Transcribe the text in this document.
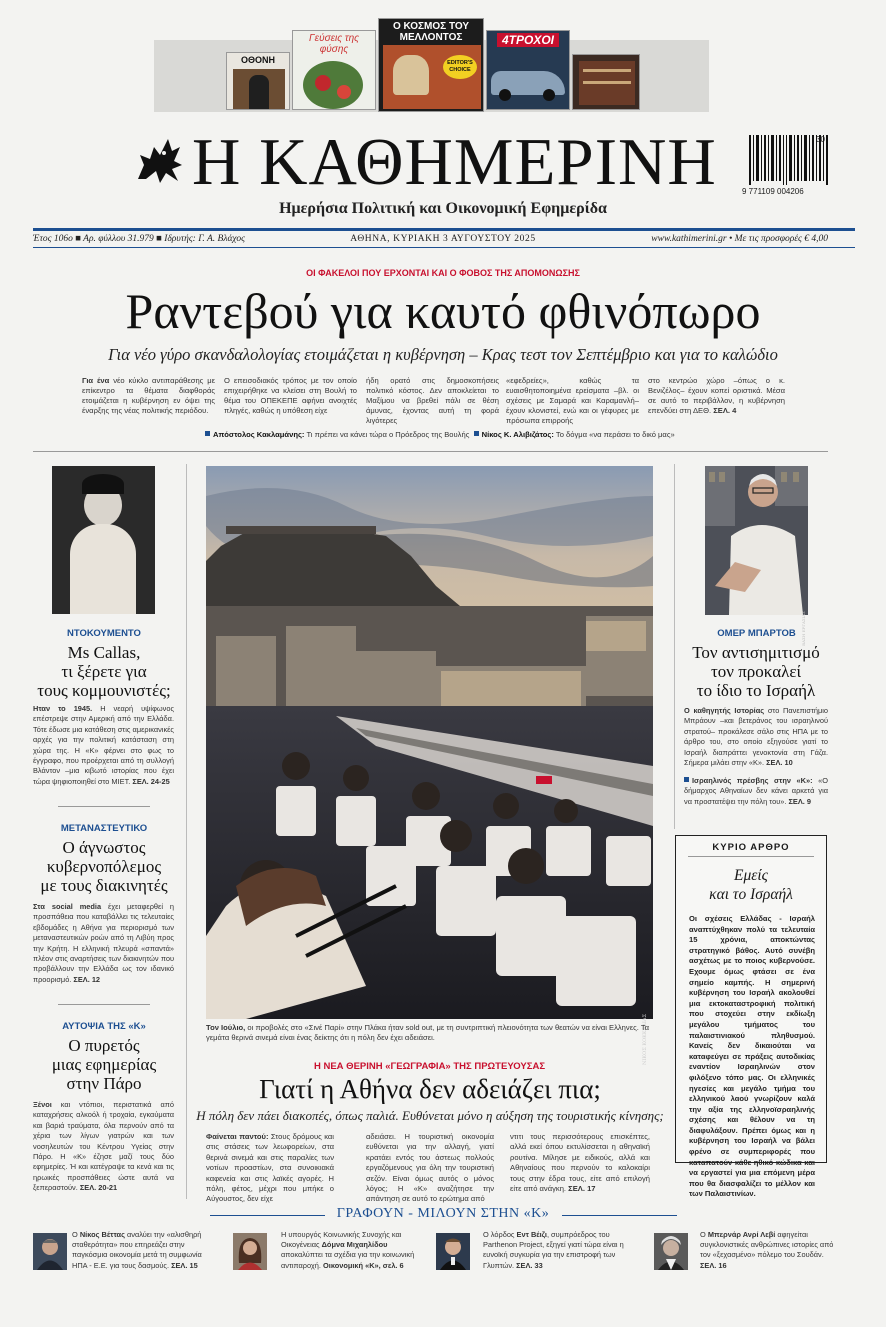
ΟΘΟΝΗ
Γεύσεις της φύσης
Ο ΚΟΣΜΟΣ ΤΟΥ ΜΕΛΛΟΝΤΟΣ
EDITOR'S CHOICE
4ΤΡΟΧΟΙ
Η ΚΑΘΗΜΕΡΙΝΗ
Ημερήσια Πολιτική και Οικονομική Εφημερίδα
30
9 771109 004206
Έτος 106ο ■ Αρ. φύλλου 31.979 ■ Ιδρυτής: Γ. Α. Βλάχος	ΑΘΗΝΑ, ΚΥΡΙΑΚΗ 3 ΑΥΓΟΥΣΤΟΥ 2025	www.kathimerini.gr • Με τις προσφορές € 4,00
ΟΙ ΦΑΚΕΛΟΙ ΠΟΥ ΕΡΧΟΝΤΑΙ ΚΑΙ Ο ΦΟΒΟΣ ΤΗΣ ΑΠΟΜΟΝΩΣΗΣ
Ραντεβού για καυτό φθινόπωρο
Για νέο γύρο σκανδαλολογίας ετοιμάζεται η κυβέρνηση – Κρας τεστ τον Σεπτέμβριο και για το καλώδιο
Για ένα νέο κύκλο αντιπαράθεσης με επίκεντρο τα θέματα διαφθοράς ετοιμάζεται η κυβέρνηση εν όψει της έναρξης της νέας πολιτικής περιόδου.
Ο επεισοδιακός τρόπος με τον οποίο επιχειρήθηκε να κλείσει στη Βουλή το θέμα του ΟΠΕΚΕΠΕ αφήνει ανοιχτές πληγές, καθώς η υπόθεση είχε
ήδη ορατό στις δημοσκοπήσεις πολιτικό κόστος. Δεν αποκλείεται το Μαξίμου να βρεθεί πάλι σε θέση άμυνας, έχοντας αυτή τη φορά λιγότερες
«εφεδρείες», καθώς τα ευαισθητοποιημένα ερείσματα –βλ. οι σχέσεις με Σαμαρά και Καραμανλή– έχουν κλονιστεί, ενώ και οι γέφυρες με πρόσωπα επιρροής
στο κεντρώο χώρο –όπως ο κ. Βενιζέλος– έχουν κοπεί οριστικά. Μέσα σε αυτό το περιβάλλον, η κυβέρνηση επενδύει στη ΔΕΘ. ΣΕΛ. 4
Απόστολος Κακλαμάνης: Τι πρέπει να κάνει τώρα ο Πρόεδρος της Βουλής Νίκος Κ. Αλιβιζάτος: Το δόγμα «να περάσει το δικό μας»
ΝΤΟΚΟΥΜΕΝΤΟ
Ms Callas,
τι ξέρετε για
τους κομμουνιστές;
Ηταν το 1945. Η νεαρή υψίφωνος επέστρεψε στην Αμερική από την Ελλάδα. Τότε έδωσε μια κατάθεση στις αμερικανικές αρχές για την πολιτική κατάσταση στη χώρα της. Η «Κ» φέρνει στο φως το έγγραφο, που προέρχεται από τη συλλογή Βλάντον –μια κιβωτό ιστορίας που έχει τώρα ψηφιοποιηθεί στο ΜΙΕΤ. ΣΕΛ. 24-25
ΜΕΤΑΝΑΣΤΕΥΤΙΚΟ
Ο άγνωστος
κυβερνοπόλεμος
με τους διακινητές
Στα social media έχει μεταφερθεί η προσπάθεια που καταβάλλει τις τελευταίες εβδομάδες η Αθήνα για περιορισμό των μεταναστευτικών ροών από τη Λιβύη προς την Κρήτη. Η ελληνική πλευρά «σπαντά» πλέον στις αναρτήσεις των διακινητών που προβάλλουν την Ελλάδα ως τον ιδανικό προορισμό. ΣΕΛ. 12
ΑΥΤΟΨΙΑ ΤΗΣ «Κ»
Ο πυρετός
μιας εφημερίας
στην Πάρο
Ξένοι και ντόπιοι, περιστατικά από καταχρήσεις αλκοόλ ή τροχαία, εγκαύματα και βαριά τραύματα, όλα περνούν από τα χέρια των λίγων γιατρών και των νοσηλευτών του Κέντρου Υγείας στην Πάρο. Η «Κ» έζησε μαζί τους δύο εφημερίες. Ή και κατέγραψε τα κενά και τις ηρωικές προσπάθειες ώστε αυτά να ξεπεραστούν. ΣΕΛ. 20-21
ΝΙΚΟΣ ΚΟΚΚΑΛΙΑΣ
Τον Ιούλιο, οι προβολές στο «Σινέ Παρί» στην Πλάκα ήταν sold out, με τη συντριπτική πλειονότητα των θεατών να είναι Ελληνες. Τα γεμάτα θερινά σινεμά είναι ένας δείκτης ότι η πόλη δεν έχει αδειάσει.
Η ΝΕΑ ΘΕΡΙΝΗ «ΓΕΩΓΡΑΦΙΑ» ΤΗΣ ΠΡΩΤΕΥΟΥΣΑΣ
Γιατί η Αθήνα δεν αδειάζει πια;
Η πόλη δεν πάει διακοπές, όπως παλιά. Ευθύνεται μόνο η αύξηση της τουριστικής κίνησης;
Φαίνεται παντού: Στους δρόμους και στις στάσεις των λεωφορείων, στα θερινά σινεμά και στις παραλίες των νοτίων προαστίων, στα συνοικιακά καφενεία και στις λαϊκές αγορές. Η πόλη, φέτος, μέχρι που μπήκε ο Αύγουστος, δεν είχε
αδειάσει. Η τουριστική οικονομία ευθύνεται για την αλλαγή, γιατί κρατάει εντός του άστεως πολλούς εργαζόμενους για όλη την τουριστική σεζόν. Είναι όμως αυτός ο μόνος λόγος; Η «Κ» αναζήτησε την απάντηση σε αυτό το ερώτημα από
ντιτι τους περισσότερους επισκέπτες, αλλά εκεί όπου εκτυλίσσεται η αθηναϊκή ρουτίνα. Μίλησε με ειδικούς, αλλά και Αθηναίους που περνούν το καλοκαίρι τους στην έδρα τους, είτε από επιλογή είτε από ανάγκη. ΣΕΛ. 17
ΒΑΣΗ ΕΡΓΑΣΙΑΣ
ΟΜΕΡ ΜΠΑΡΤΟΒ
Τον αντισημιτισμό
τον προκαλεί
το ίδιο το Ισραήλ
Ο καθηγητής Ιστορίας στο Πανεπιστήμιο Μπράουν –και βετεράνος του ισραηλινού στρατού– προκάλεσε σάλο στις ΗΠΑ με το άρθρο του, στο οποίο εξηγούσε γιατί το Ισραήλ διαπράττει γενοκτονία στη Γάζα. Σήμερα μιλάει στην «Κ». ΣΕΛ. 10
Ισραηλινός πρέσβης στην «Κ»: «Ο δήμαρχος Αθηναίων δεν κάνει αρκετά για να προστατέψει την πόλη του». ΣΕΛ. 9
ΚΥΡΙΟ ΑΡΘΡΟ
Εμείς
και το Ισραήλ
Οι σχέσεις Ελλάδας - Ισραήλ αναπτύχθηκαν πολύ τα τελευταία 15 χρόνια, αποκτώντας στρατηγικό βάθος. Αυτό συνέβη ασχέτως με το ποιος κυβερνούσε. Εχουμε όμως φτάσει σε ένα σημείο καμπής. Η σημερινή κυβέρνηση του Ισραήλ ακολουθεί μια εκτοκαταστροφική πολιτική που στοχεύει στην εκδίωξη μεγάλου τμήματος του παλαιστινιακού πληθυσμού. Κανείς δεν δικαιούται να καταφεύγει σε πράξεις αυτοδικίας εναντίον Ισραηλινών στον φιλόξενο τόπο μας. Οι ελληνικές ηγεσίες και μεγάλο τμήμα του ελληνικού λαού γνωρίζουν καλά την αξία της ελληνοϊσραηλινής σχέσης και θέλουν να τη διαφυλάξουν. Πρέπει όμως και η κυβέρνηση του Ισραήλ να βάλει φρένο σε συμπεριφορές που καταπατούν κάθε ηθικό κώδικα και να εργαστεί για μια επόμενη μέρα που θα διασφαλίζει το μέλλον και των Παλαιστινίων.
ΓΡΑΦΟΥΝ - ΜΙΛΟΥΝ ΣΤΗΝ «Κ»
Ο Νίκος Βέττας αναλύει την «αλισθηρή σταθερότητα» που επηρεάζει στην παγκόσμια οικονομία μετά τη συμφωνία ΗΠΑ - Ε.Ε. για τους δασμούς. ΣΕΛ. 15
Η υπουργός Κοινωνικής Συνοχής και Οικογένειας Δόμνα Μιχαηλίδου αποκαλύπτει τα σχέδια για την κοινωνική αντιπαροχή. Οικονομική «Κ», σελ. 6
Ο λόρδος Εντ Βέιζι, συμπρόεδρος του Parthenon Project, εξηγεί γιατί τώρα είναι η ευνοϊκή συγκυρία για την επιστροφή των Γλυπτών. ΣΕΛ. 33
Ο Μπερνάρ Ανρί Λεβί αφηγείται συγκλονιστικές ανθρώπινες ιστορίες από τον «ξεχασμένο» πόλεμο του Σουδάν. ΣΕΛ. 16
